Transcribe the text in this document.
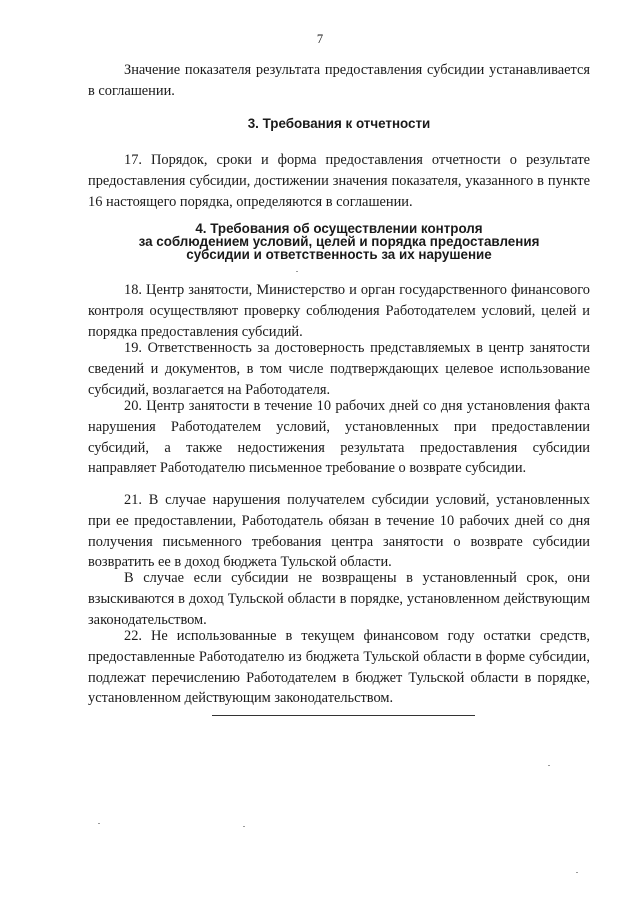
7
Значение показателя результата предоставления субсидии устанавливается в соглашении.
3. Требования к отчетности
17. Порядок, сроки и форма предоставления отчетности о результате предоставления субсидии, достижении значения показателя, указанного в пункте 16 настоящего порядка, определяются в соглашении.
4. Требования об осуществлении контроля
за соблюдением условий, целей и порядка предоставления
субсидии и ответственность за их нарушение
18. Центр занятости, Министерство и орган государственного финансового контроля осуществляют проверку соблюдения Работодателем условий, целей и порядка предоставления субсидий.
19. Ответственность за достоверность представляемых в центр занятости сведений и документов, в том числе подтверждающих целевое использование субсидий, возлагается на Работодателя.
20. Центр занятости в течение 10 рабочих дней со дня установления факта нарушения Работодателем условий, установленных при предоставлении субсидий, а также недостижения результата предоставления субсидии направляет Работодателю письменное требование о возврате субсидии.
21. В случае нарушения получателем субсидии условий, установленных при ее предоставлении, Работодатель обязан в течение 10 рабочих дней со дня получения письменного требования центра занятости о возврате субсидии возвратить ее в доход бюджета Тульской области.
В случае если субсидии не возвращены в установленный срок, они взыскиваются в доход Тульской области в порядке, установленном действующим законодательством.
22. Не использованные в текущем финансовом году остатки средств, предоставленные Работодателю из бюджета Тульской области в форме субсидии, подлежат перечислению Работодателем в бюджет Тульской области в порядке, установленном действующим законодательством.
